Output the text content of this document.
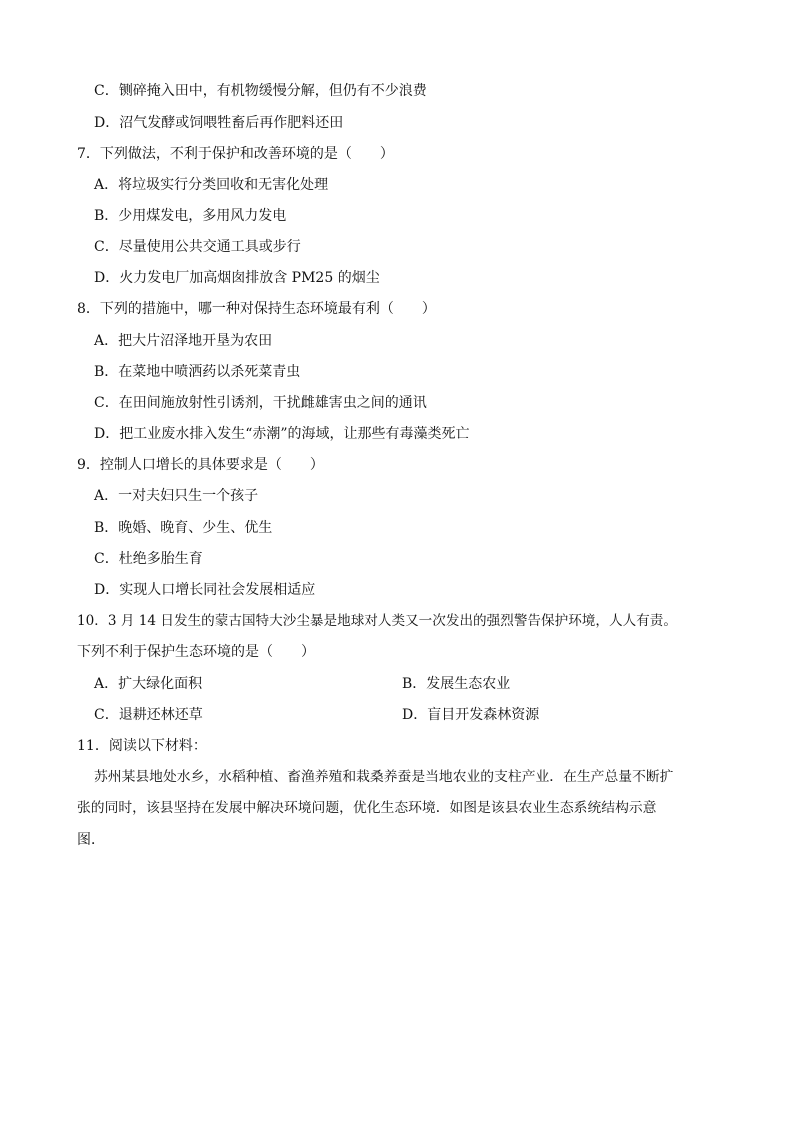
C．铡碎掩入田中，有机物缓慢分解，但仍有不少浪费
D．沼气发酵或饲喂牲畜后再作肥料还田
7．下列做法，不利于保护和改善环境的是（　　）
A．将垃圾实行分类回收和无害化处理
B．少用煤发电，多用风力发电
C．尽量使用公共交通工具或步行
D．火力发电厂加高烟囱排放含 PM25 的烟尘
8．下列的措施中，哪一种对保持生态环境最有利（　　）
A．把大片沼泽地开垦为农田
B．在菜地中喷洒药以杀死菜青虫
C．在田间施放射性引诱剂，干扰雌雄害虫之间的通讯
D．把工业废水排入发生“赤潮”的海域，让那些有毒藻类死亡
9．控制人口增长的具体要求是（　　）
A．一对夫妇只生一个孩子
B．晚婚、晚育、少生、优生
C．杜绝多胎生育
D．实现人口增长同社会发展相适应
10．3 月 14 日发生的蒙古国特大沙尘暴是地球对人类又一次发出的强烈警告保护环境，人人有责。
下列不利于保护生态环境的是（　　）
A．扩大绿化面积	B．发展生态农业
C．退耕还林还草	D．盲目开发森林资源
11．阅读以下材料：
苏州某县地处水乡，水稻种植、畜渔养殖和栽桑养蚕是当地农业的支柱产业．在生产总量不断扩
张的同时，该县坚持在发展中解决环境问题，优化生态环境．如图是该县农业生态系统结构示意
图．
